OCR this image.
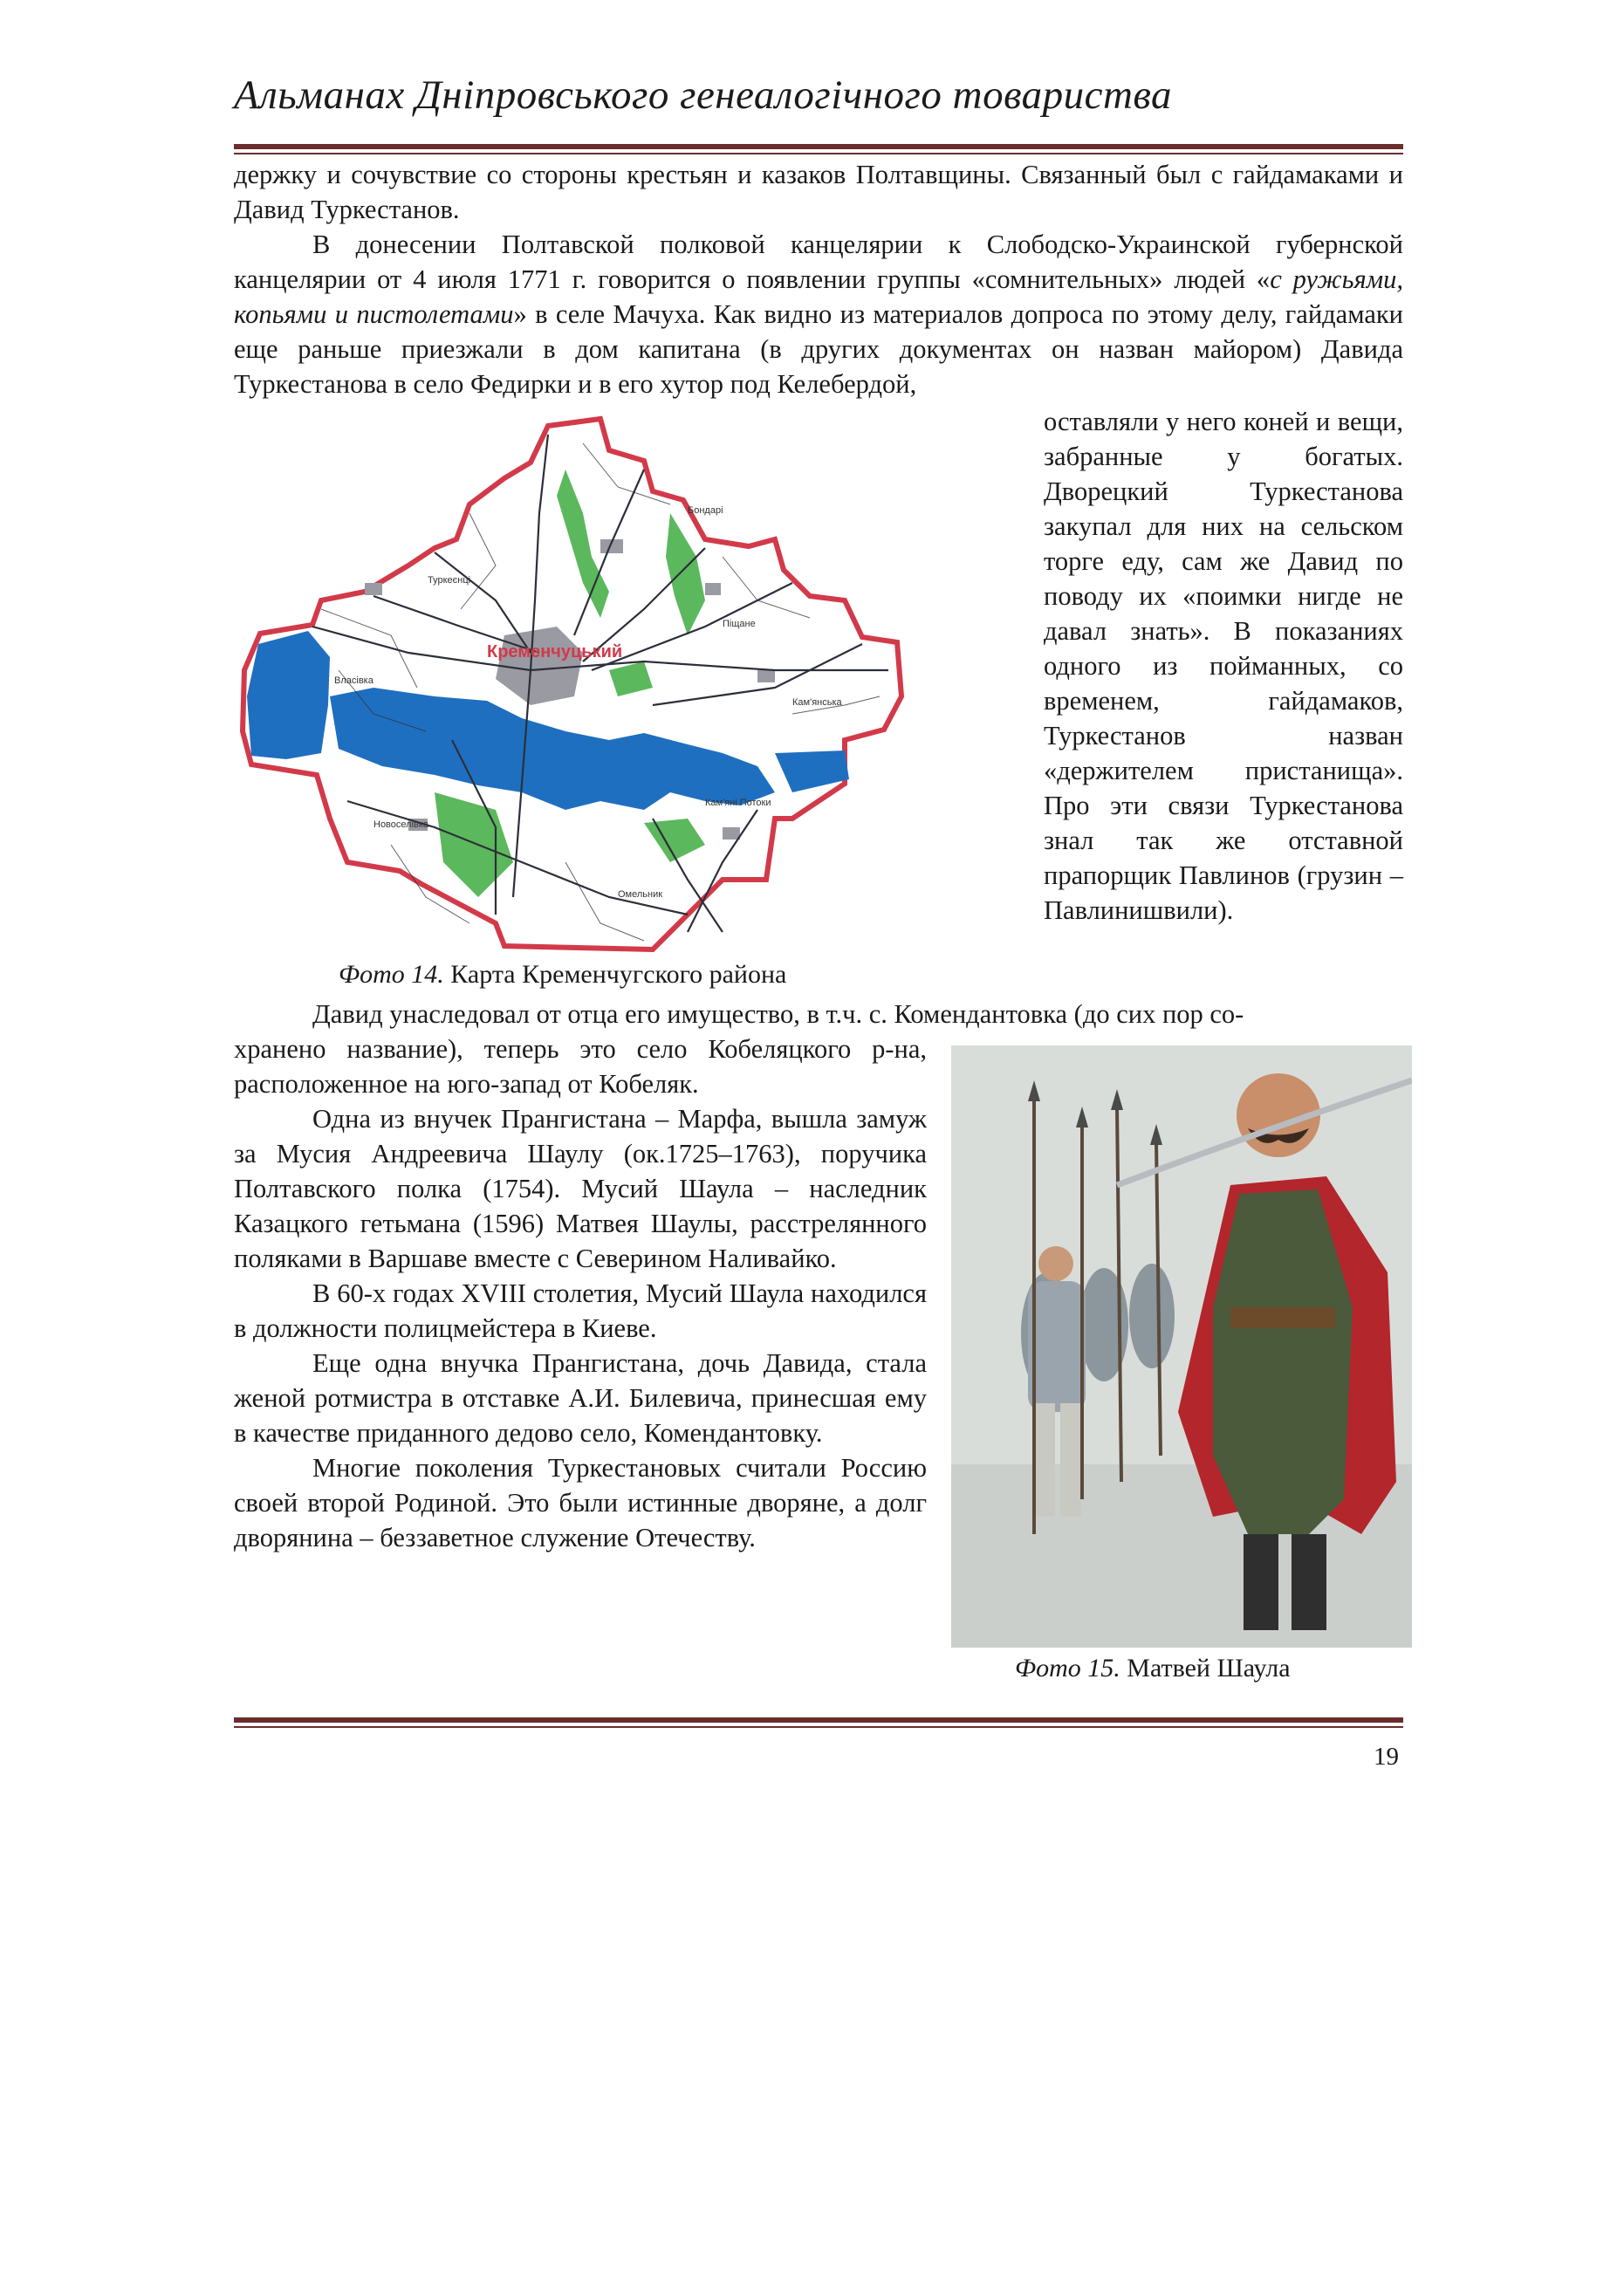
Альманах Дніпровського генеалогічного товариства

держку и сочувствие со стороны крестьян и казаков Полтавщины. Связанный был с гайдамаками и Давид Туркестанов.

В донесении Полтавской полковой канцелярии к Слободско-Украинской губернской канцелярии от 4 июля 1771 г. говорится о появлении группы «сомнительных» людей «с ружьями, копьями и пистолетами» в селе Мачуха. Как видно из материалов допроса по этому делу, гайдамаки еще раньше приезжали в дом капитана (в других документах он назван майором) Давида Туркестанова в село Федирки и в его хутор под Келебердой,

Кременчуцький
Туркеєнці
Власівка
Кам'яні Потоки
Новоселівка
Бондарі
Кам'янська
Піщане
Омельник

оставляли у него коней и вещи, забранные у богатых. Дворецкий Туркестанова закупал для них на сельском торге еду, сам же Давид по поводу их «поимки нигде не давал знать». В показаниях одного из пойманных, со временем, гайдамаков, Туркестанов назван «держителем пристанища». Про эти связи Туркестанова знал так же отставной прапорщик Павлинов (грузин – Павлинишвили).

Фото 14. Карта Кременчугского района

Давид унаследовал от отца его имущество, в т.ч. с. Комендантовка (до сих пор со-

хранено название), теперь это село Кобеляцкого р-на, расположенное на юго-запад от Кобеляк.

Одна из внучек Прангистана – Марфа, вышла замуж за Мусия Андреевича Шаулу (ок.1725–1763), поручика Полтавского полка (1754). Мусий Шаула – наследник Казацкого гетьмана (1596) Матвея Шаулы, расстрелянного поляками в Варшаве вместе с Северином Наливайко.

В 60-х годах XVIII столетия, Мусий Шаула находился в должности полицмейстера в Киеве.

Еще одна внучка Прангистана, дочь Давида, стала женой ротмистра в отставке А.И. Билевича, принесшая ему в качестве приданного дедово село, Комендантовку.

Многие поколения Туркестановых считали Россию своей второй Родиной. Это были истинные дворяне, а долг дворянина – беззаветное служение Отечеству.

Фото 15. Матвей Шаула
19
